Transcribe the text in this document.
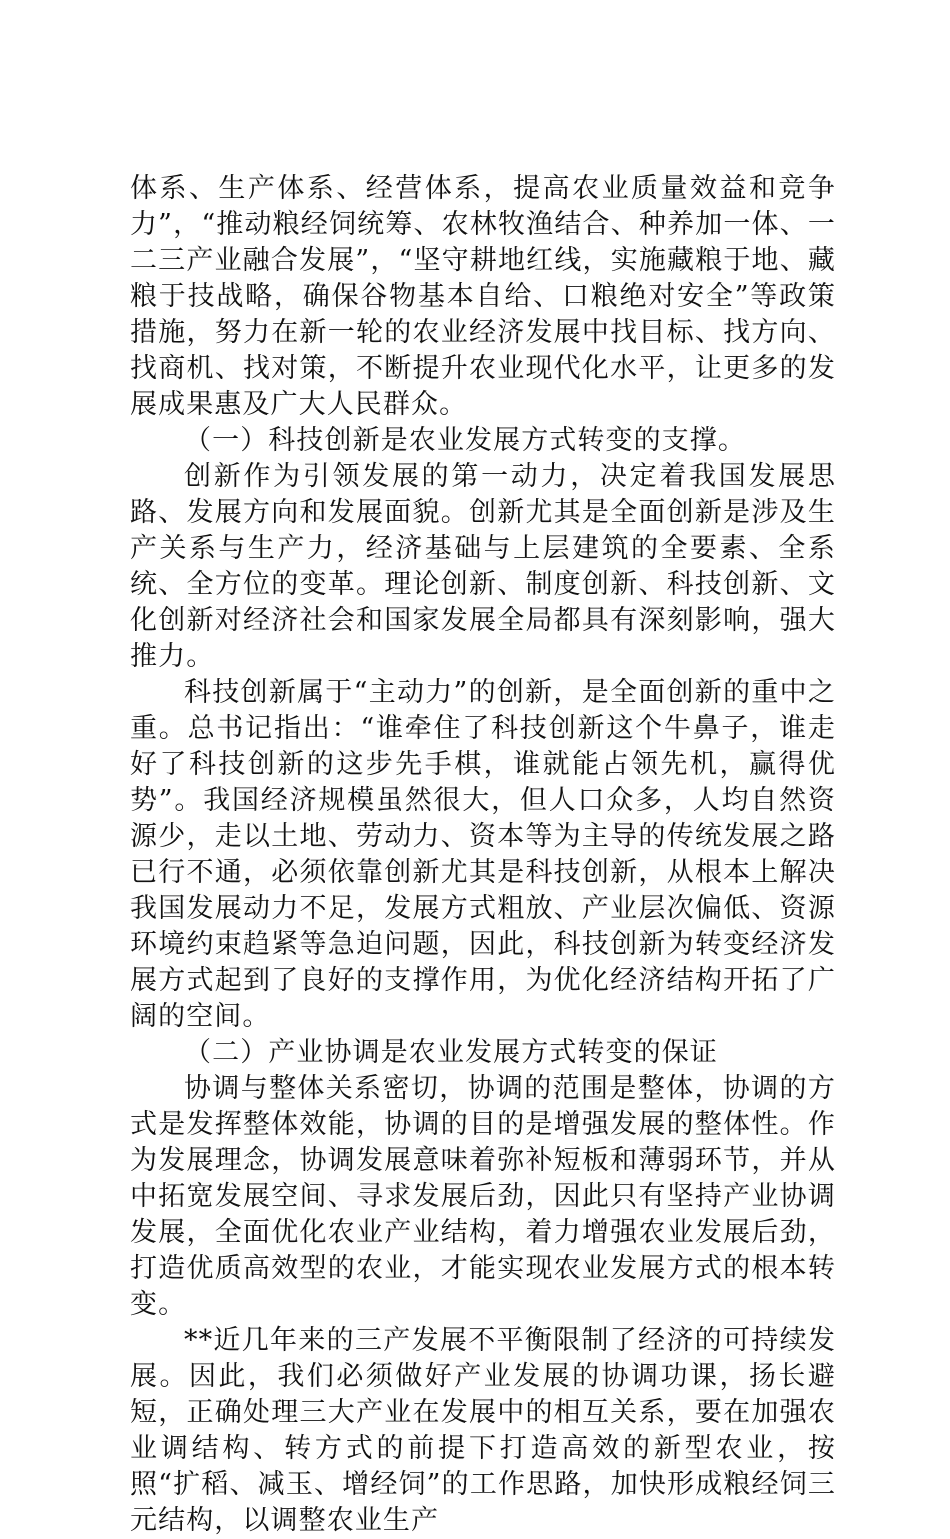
体系、生产体系、经营体系，提高农业质量效益和竞争力”，“推动粮经饲统筹、农林牧渔结合、种养加一体、一二三产业融合发展”，“坚守耕地红线，实施藏粮于地、藏粮于技战略，确保谷物基本自给、口粮绝对安全”等政策措施，努力在新一轮的农业经济发展中找目标、找方向、找商机、找对策，不断提升农业现代化水平，让更多的发展成果惠及广大人民群众。

（一）科技创新是农业发展方式转变的支撑。

创新作为引领发展的第一动力，决定着我国发展思路、发展方向和发展面貌。创新尤其是全面创新是涉及生产关系与生产力，经济基础与上层建筑的全要素、全系统、全方位的变革。理论创新、制度创新、科技创新、文化创新对经济社会和国家发展全局都具有深刻影响，强大推力。

科技创新属于“主动力”的创新，是全面创新的重中之重。总书记指出：“谁牵住了科技创新这个牛鼻子，谁走好了科技创新的这步先手棋，谁就能占领先机，赢得优势”。我国经济规模虽然很大，但人口众多，人均自然资源少，走以土地、劳动力、资本等为主导的传统发展之路已行不通，必须依靠创新尤其是科技创新，从根本上解决我国发展动力不足，发展方式粗放、产业层次偏低、资源环境约束趋紧等急迫问题，因此，科技创新为转变经济发展方式起到了良好的支撑作用，为优化经济结构开拓了广阔的空间。

（二）产业协调是农业发展方式转变的保证

协调与整体关系密切，协调的范围是整体，协调的方式是发挥整体效能，协调的目的是增强发展的整体性。作为发展理念，协调发展意味着弥补短板和薄弱环节，并从中拓宽发展空间、寻求发展后劲，因此只有坚持产业协调发展，全面优化农业产业结构，着力增强农业发展后劲，打造优质高效型的农业，才能实现农业发展方式的根本转变。

**近几年来的三产发展不平衡限制了经济的可持续发展。因此，我们必须做好产业发展的协调功课，扬长避短，正确处理三大产业在发展中的相互关系，要在加强农业调结构、转方式的前提下打造高效的新型农业，按照“扩稻、减玉、增经饲”的工作思路，加快形成粮经饲三元结构，以调整农业生产
